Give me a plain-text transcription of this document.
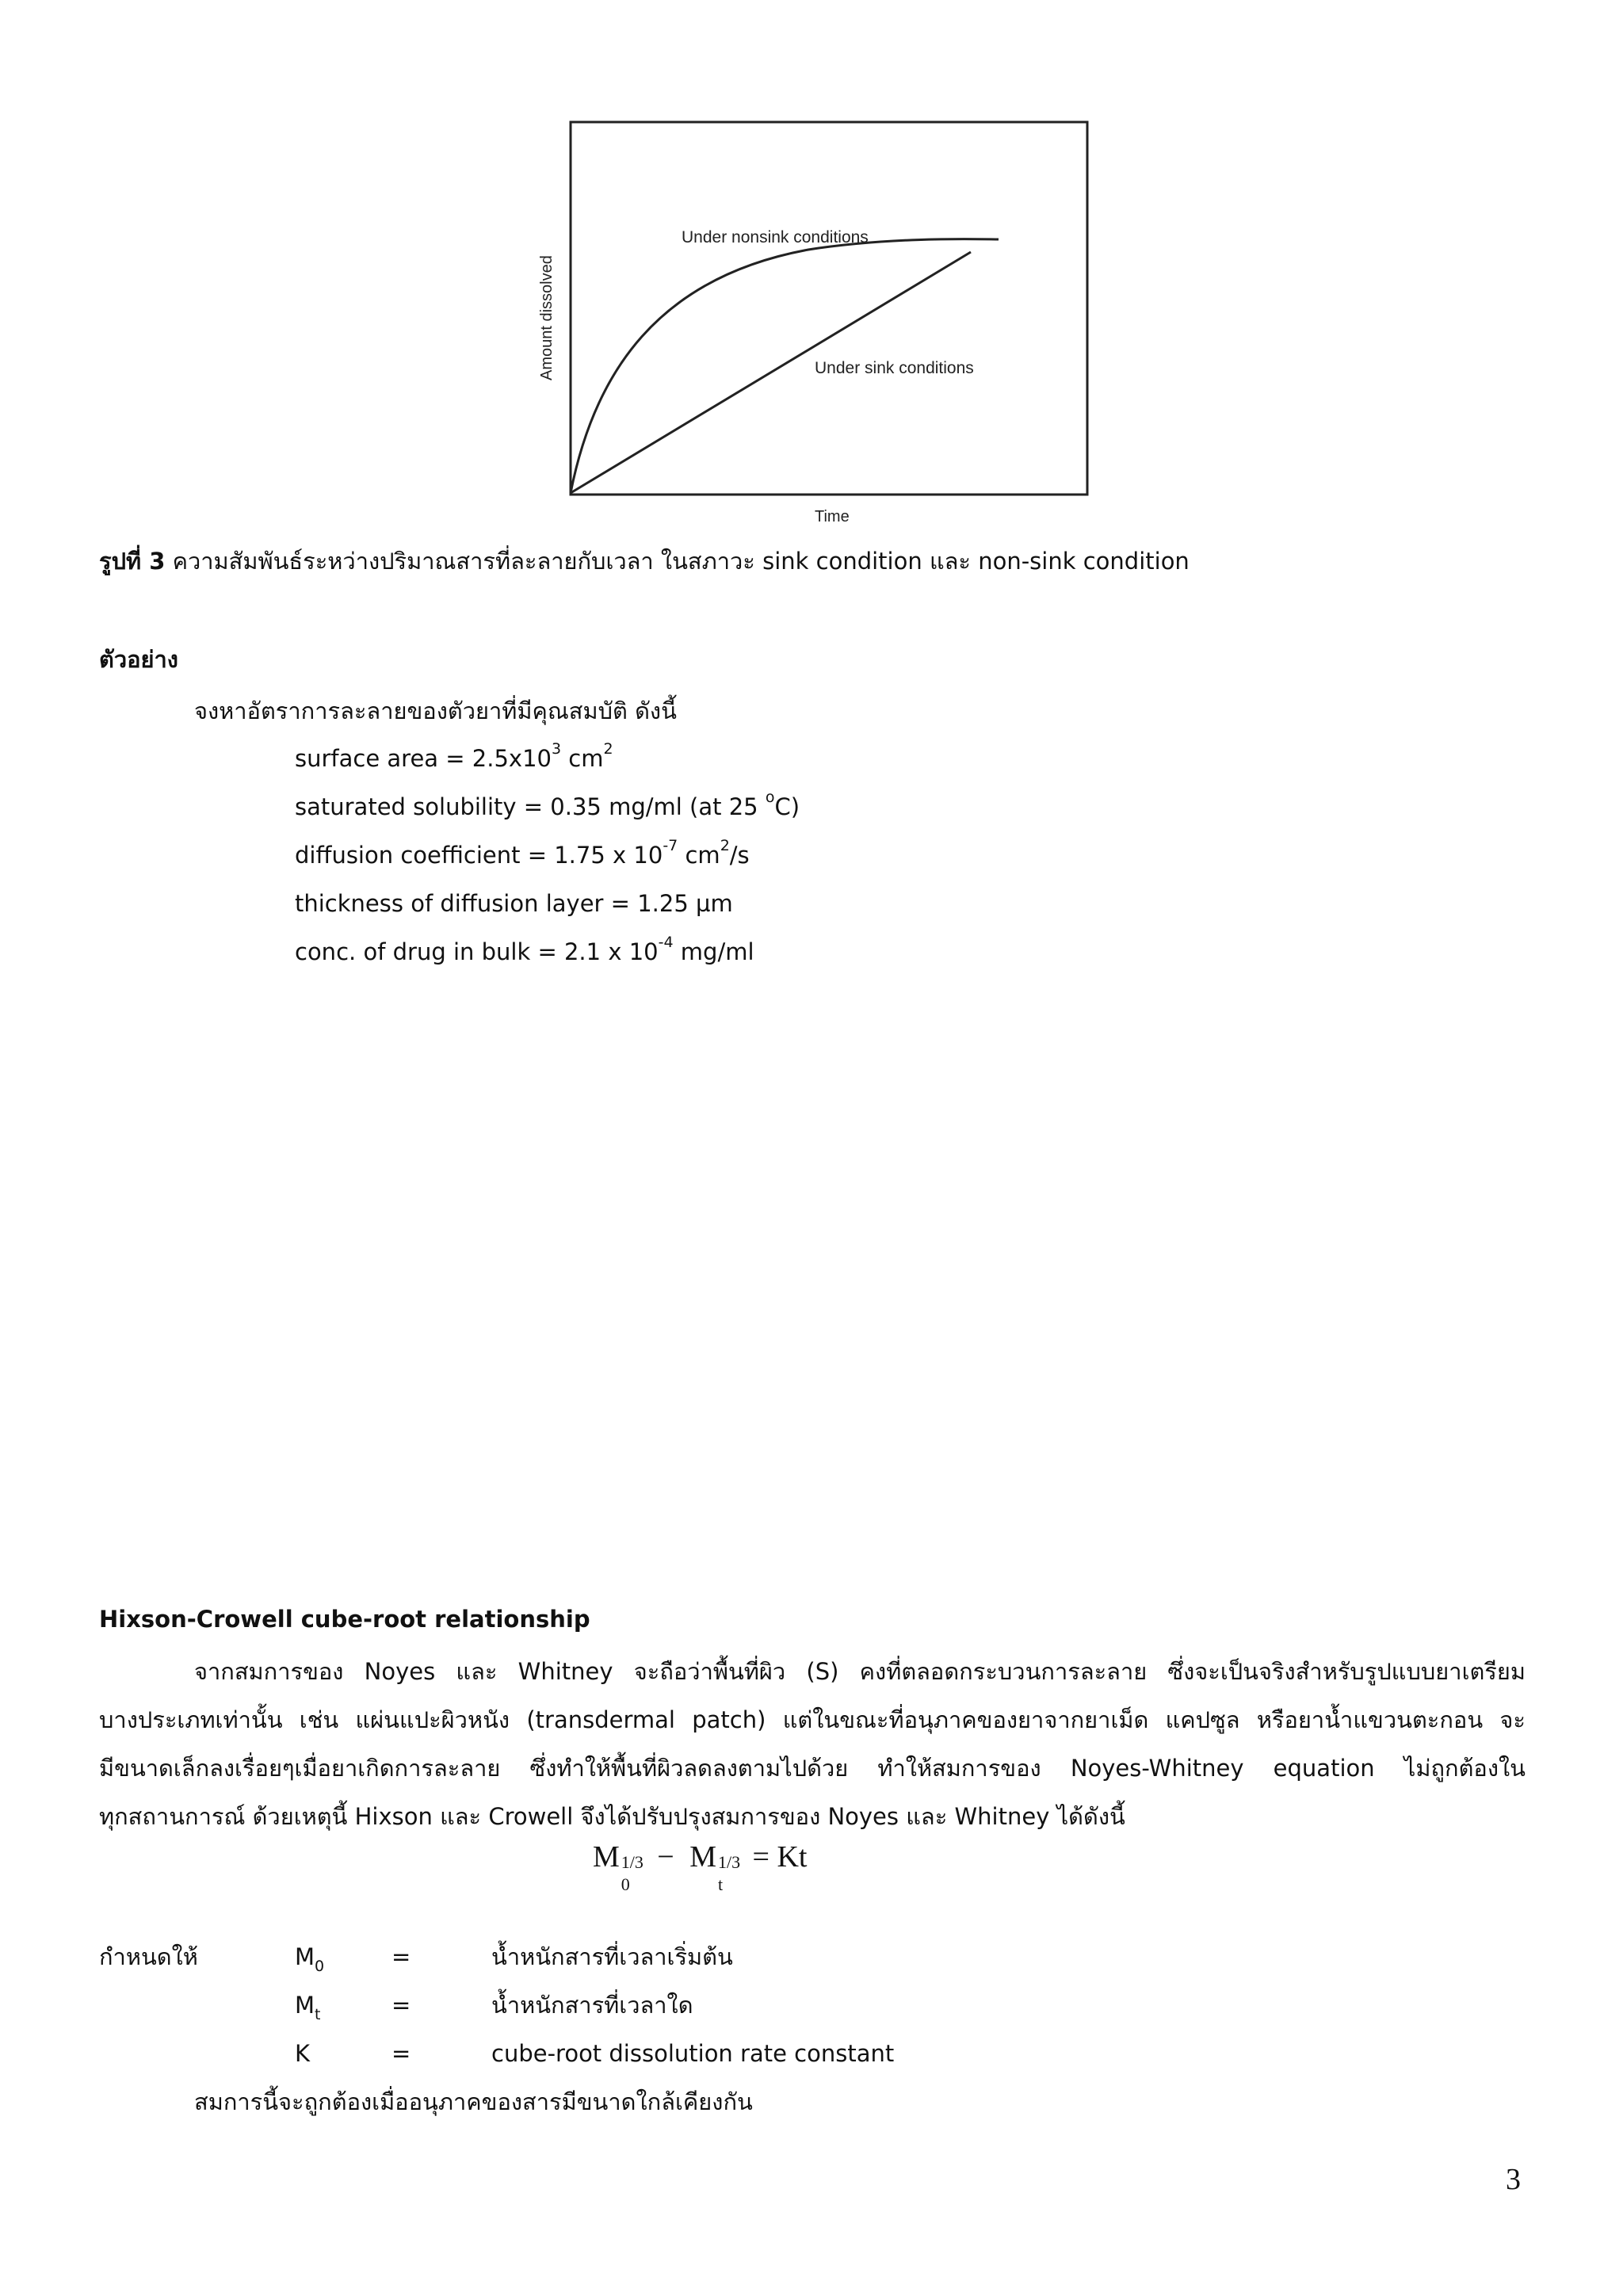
Under nonsink conditions
Under sink conditions
Amount dissolved
Time
รูปที่ 3 ความสัมพันธ์ระหว่างปริมาณสารที่ละลายกับเวลา ในสภาวะ sink condition และ non-sink condition
ตัวอย่าง
จงหาอัตราการละลายของตัวยาที่มีคุณสมบัติ ดังนี้
surface area = $2.5x10^3$ $cm^2$
saturated solubility = 0.35 mg/ml (at 25 $^o$C)
diffusion coefficient = 1.75 x $10^{-7}$ $cm^2/s$
thickness of diffusion layer = 1.25 µm
conc. of drug in bulk = 2.1 x $10^{-4}$ mg/ml
Hixson-Crowell cube-root relationship
จากสมการของ Noyes และ Whitney จะถือว่าพื้นที่ผิว (S) คงที่ตลอดกระบวนการละลาย ซึ่งจะเป็นจริงสำหรับรูปแบบยาเตรียม
บางประเภทเท่านั้น เช่น แผ่นแปะผิวหนัง (transdermal patch) แต่ในขณะที่อนุภาคของยาจากยาเม็ด แคปซูล หรือยาน้ำแขวนตะกอน จะ
มีขนาดเล็กลงเรื่อยๆเมื่อยาเกิดการละลาย ซึ่งทำให้พื้นที่ผิวลดลงตามไปด้วย ทำให้สมการของ Noyes-Whitney equation ไม่ถูกต้องใน
ทุกสถานการณ์ ด้วยเหตุนี้ Hixson และ Crowell จึงได้ปรับปรุงสมการของ Noyes และ Whitney ได้ดังนี้
M 1/3
0
− M 1/3
t
= Kt
กำหนดให้	$M_0$	=	น้ำหนักสารที่เวลาเริ่มต้น
$M_t$	=	น้ำหนักสารที่เวลาใด
K	=	cube-root dissolution rate constant
สมการนี้จะถูกต้องเมื่ออนุภาคของสารมีขนาดใกล้เคียงกัน
3
